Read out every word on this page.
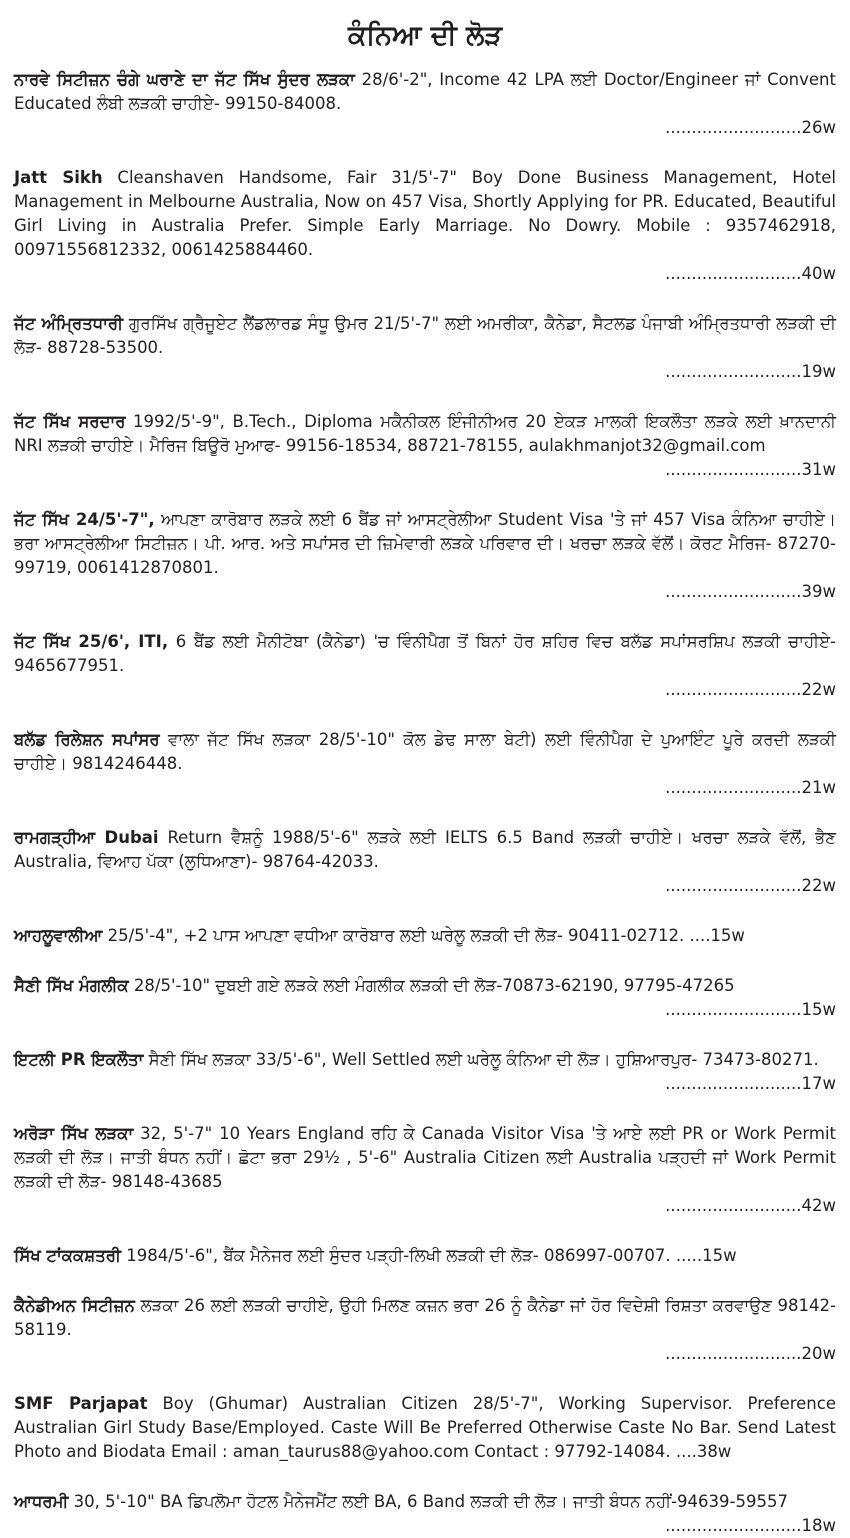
ਕੰਨਿਆ ਦੀ ਲੋੜ
ਨਾਰਵੇ ਸਿਟੀਜ਼ਨ ਚੰਗੇ ਘਰਾਣੇ ਦਾ ਜੱਟ ਸਿੱਖ ਸੁੰਦਰ ਲੜਕਾ 28/6'-2", Income 42 LPA ਲਈ Doctor/Engineer ਜਾਂ Convent Educated ਲੰਬੀ ਲੜਕੀ ਚਾਹੀਏ- 99150-84008.
..........................26w
Jatt Sikh Cleanshaven Handsome, Fair 31/5'-7" Boy Done Business Management, Hotel Management in Melbourne Australia, Now on 457 Visa, Shortly Applying for PR. Educated, Beautiful Girl Living in Australia Prefer. Simple Early Marriage. No Dowry. Mobile : 9357462918, 00971556812332, 0061425884460.
..........................40w
ਜੱਟ ਅੰਮ੍ਰਿਤਧਾਰੀ ਗੁਰਸਿੱਖ ਗ੍ਰੈਜੂਏਟ ਲੈਂਡਲਾਰਡ ਸੰਧੂ ਉਮਰ 21/5'-7" ਲਈ ਅਮਰੀਕਾ, ਕੈਨੇਡਾ, ਸੈਟਲਡ ਪੰਜਾਬੀ ਅੰਮ੍ਰਿਤਧਾਰੀ ਲੜਕੀ ਦੀ ਲੋੜ- 88728-53500.
..........................19w
ਜੱਟ ਸਿੱਖ ਸਰਦਾਰ 1992/5'-9", B.Tech., Diploma ਮਕੈਨੀਕਲ ਇੰਜੀਨੀਅਰ 20 ਏਕੜ ਮਾਲਕੀ ਇਕਲੌਤਾ ਲੜਕੇ ਲਈ ਖ਼ਾਨਦਾਨੀ NRI ਲੜਕੀ ਚਾਹੀਏ। ਮੈਰਿਜ ਬਿਊਰੋ ਮੁਆਫ- 99156-18534, 88721-78155, aulakhmanjot32@gmail.com
..........................31w
ਜੱਟ ਸਿੱਖ 24/5'-7", ਆਪਣਾ ਕਾਰੋਬਾਰ ਲੜਕੇ ਲਈ 6 ਬੈਂਡ ਜਾਂ ਆਸਟ੍ਰੇਲੀਆ Student Visa 'ਤੇ ਜਾਂ 457 Visa ਕੰਨਿਆ ਚਾਹੀਏ। ਭਰਾ ਆਸਟ੍ਰੇਲੀਆ ਸਿਟੀਜ਼ਨ। ਪੀ. ਆਰ. ਅਤੇ ਸਪਾਂਸਰ ਦੀ ਜ਼ਿਮੇਵਾਰੀ ਲੜਕੇ ਪਰਿਵਾਰ ਦੀ। ਖਰਚਾ ਲੜਕੇ ਵੱਲੋਂ। ਕੋਰਟ ਮੈਰਿਜ- 87270-99719, 0061412870801.
..........................39w
ਜੱਟ ਸਿੱਖ 25/6', ITI, 6 ਬੈਂਡ ਲਈ ਮੈਨੀਟੋਬਾ (ਕੈਨੇਡਾ) 'ਚ ਵਿੰਨੀਪੈਗ ਤੋਂ ਬਿਨਾਂ ਹੋਰ ਸ਼ਹਿਰ ਵਿਚ ਬਲੱਡ ਸਪਾਂਸਰਸ਼ਿਪ ਲੜਕੀ ਚਾਹੀਏ- 9465677951.
..........................22w
ਬਲੱਡ ਰਿਲੇਸ਼ਨ ਸਪਾਂਸਰ ਵਾਲਾ ਜੱਟ ਸਿੱਖ ਲੜਕਾ 28/5'-10" ਕੋਲ ਡੇਢ ਸਾਲਾ ਬੇਟੀ) ਲਈ ਵਿੰਨੀਪੈਗ ਦੇ ਪੁਆਇੰਟ ਪੂਰੇ ਕਰਦੀ ਲੜਕੀ ਚਾਹੀਏ। 9814246448.
..........................21w
ਰਾਮਗੜ੍ਹੀਆ Dubai Return ਵੈਸ਼ਨੂੰ 1988/5'-6" ਲੜਕੇ ਲਈ IELTS 6.5 Band ਲੜਕੀ ਚਾਹੀਏ। ਖਰਚਾ ਲੜਕੇ ਵੱਲੋਂ, ਭੈਣ Australia, ਵਿਆਹ ਪੱਕਾ (ਲੁਧਿਆਣਾ)- 98764-42033.
..........................22w
ਆਹਲੂਵਾਲੀਆ 25/5'-4", +2 ਪਾਸ ਆਪਣਾ ਵਧੀਆ ਕਾਰੋਬਾਰ ਲਈ ਘਰੇਲੂ ਲੜਕੀ ਦੀ ਲੋੜ- 90411-02712. ....15w
ਸੈਣੀ ਸਿੱਖ ਮੰਗਲੀਕ 28/5'-10" ਦੁਬਈ ਗਏ ਲੜਕੇ ਲਈ ਮੰਗਲੀਕ ਲੜਕੀ ਦੀ ਲੋੜ-70873-62190, 97795-47265
..........................15w
ਇਟਲੀ PR ਇਕਲੌਤਾ ਸੈਣੀ ਸਿੱਖ ਲੜਕਾ 33/5'-6", Well Settled ਲਈ ਘਰੇਲੂ ਕੰਨਿਆ ਦੀ ਲੋੜ। ਹੁਸ਼ਿਆਰਪੁਰ- 73473-80271.
..........................17w
ਅਰੋੜਾ ਸਿੱਖ ਲੜਕਾ 32, 5'-7" 10 Years England ਰਹਿ ਕੇ Canada Visitor Visa 'ਤੇ ਆਏ ਲਈ PR or Work Permit ਲੜਕੀ ਦੀ ਲੋੜ। ਜਾਤੀ ਬੰਧਨ ਨਹੀਂ। ਛੋਟਾ ਭਰਾ 29½ , 5'-6" Australia Citizen ਲਈ Australia ਪੜ੍ਹਦੀ ਜਾਂ Work Permit ਲੜਕੀ ਦੀ ਲੋੜ- 98148-43685
..........................42w
ਸਿੱਖ ਟਾਂਕਕਸ਼ਤਰੀ 1984/5'-6", ਬੈਂਕ ਮੈਨੇਜਰ ਲਈ ਸੁੰਦਰ ਪੜ੍ਹੀ-ਲਿਖੀ ਲੜਕੀ ਦੀ ਲੋੜ- 086997-00707. .....15w
ਕੈਨੇਡੀਅਨ ਸਿਟੀਜ਼ਨ ਲੜਕਾ 26 ਲਈ ਲੜਕੀ ਚਾਹੀਏ, ਉਹੀ ਮਿਲਣ ਕਜ਼ਨ ਭਰਾ 26 ਨੂੰ ਕੈਨੇਡਾ ਜਾਂ ਹੋਰ ਵਿਦੇਸ਼ੀ ਰਿਸ਼ਤਾ ਕਰਵਾਉਣ 98142-58119.
..........................20w
SMF Parjapat Boy (Ghumar) Australian Citizen 28/5'-7", Working Supervisor. Preference Australian Girl Study Base/Employed. Caste Will Be Preferred Otherwise Caste No Bar. Send Latest Photo and Biodata Email : aman_taurus88@yahoo.com Contact : 97792-14084. ....38w
ਆਧਰਮੀ 30, 5'-10" BA ਡਿਪਲੋਮਾ ਹੋਟਲ ਮੈਨੇਜਮੈਂਟ ਲਈ BA, 6 Band ਲੜਕੀ ਦੀ ਲੋੜ। ਜਾਤੀ ਬੰਧਨ ਨਹੀਂ-94639-59557
..........................18w
